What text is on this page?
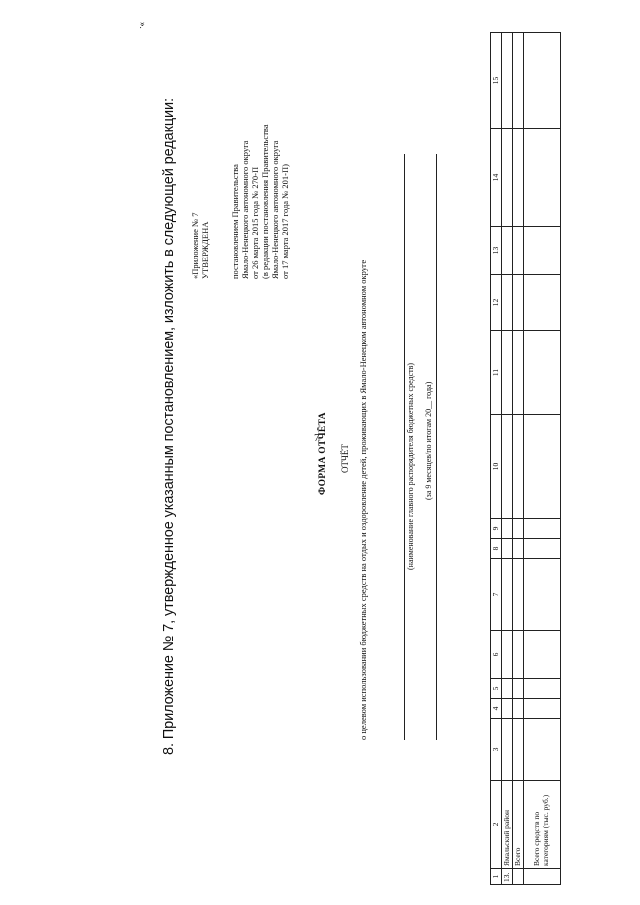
7
».
1	2	3	4	5	6	7	8	9	10	11	12	13	14	15
13.	Ямальский район													
	Всего													
	Всего средств по категориям (тыс. руб.)													
8. Приложение № 7, утвержденное указанным постановлением, изложить в следующей редакции: «Приложение № 7 УТВЕРЖДЕНА постановлением Правительства Ямало-Ненецкого автономного округа от 26 марта 2015 года № 270-П (в редакции постановления Правительства Ямало-Ненецкого автономного округа от 17 марта 2017 года № 201-П)
ФОРМА ОТЧЁТА ОТЧЁТ о целевом использовании бюджетных средств на отдых и оздоровление детей, проживающих в Ямало-Ненецком автономном округе	(наименование главного распорядителя бюджетных средств) (за 9 месяцев/по итогам 20__ года)
